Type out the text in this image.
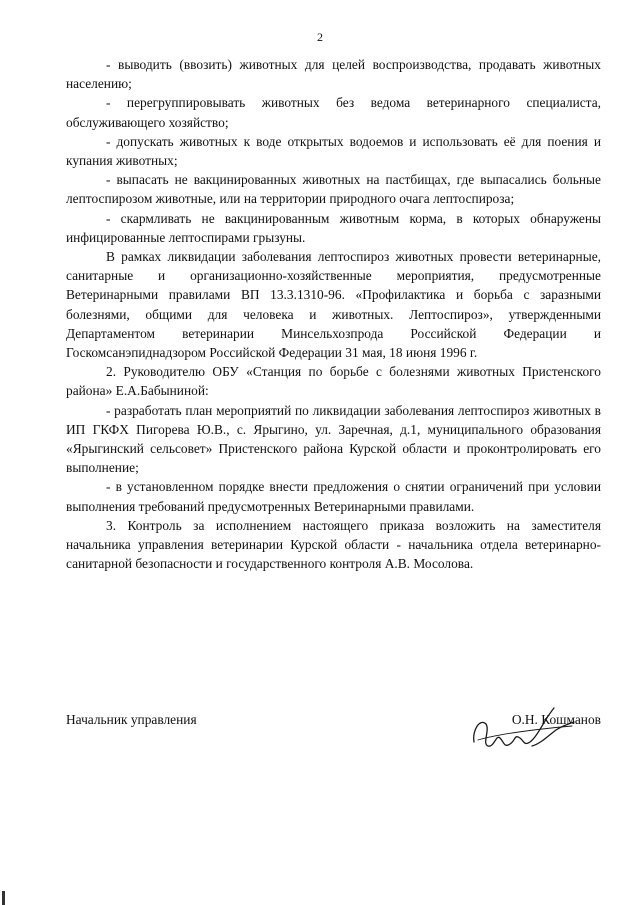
2

- выводить (ввозить) животных для целей воспроизводства, продавать животных населению;

- перегруппировывать животных без ведома ветеринарного специалиста, обслуживающего хозяйство;

- допускать животных к воде открытых водоемов и использовать её для поения и купания животных;

- выпасать не вакцинированных животных на пастбищах, где выпасались больные лептоспирозом животные, или на территории природного очага лептоспироза;

- скармливать не вакцинированным животным корма, в которых обнаружены инфицированные лептоспирами грызуны.

В рамках ликвидации заболевания лептоспироз животных провести ветеринарные, санитарные и организационно-хозяйственные мероприятия, предусмотренные Ветеринарными правилами ВП 13.3.1310-96. «Профилактика и борьба с заразными болезнями, общими для человека и животных. Лептоспироз», утвержденными Департаментом ветеринарии Минсельхозпрода Российской Федерации и Госкомсанэпиднадзором Российской Федерации 31 мая, 18 июня 1996 г.

2. Руководителю ОБУ «Станция по борьбе с болезнями животных Пристенского района» Е.А.Бабыниной:

- разработать план мероприятий по ликвидации заболевания лептоспироз животных в ИП ГКФХ Пигорева Ю.В., с. Ярыгино, ул. Заречная, д.1, муниципального образования «Ярыгинский сельсовет» Пристенского района Курской области и проконтролировать его выполнение;

- в установленном порядке внести предложения о снятии ограничений при условии выполнения требований предусмотренных Ветеринарными правилами.

3. Контроль за исполнением настоящего приказа возложить на заместителя начальника управления ветеринарии Курской области - начальника отдела ветеринарно-санитарной безопасности и государственного контроля А.В. Мосолова.

Начальник управления	О.Н. Кошманов
